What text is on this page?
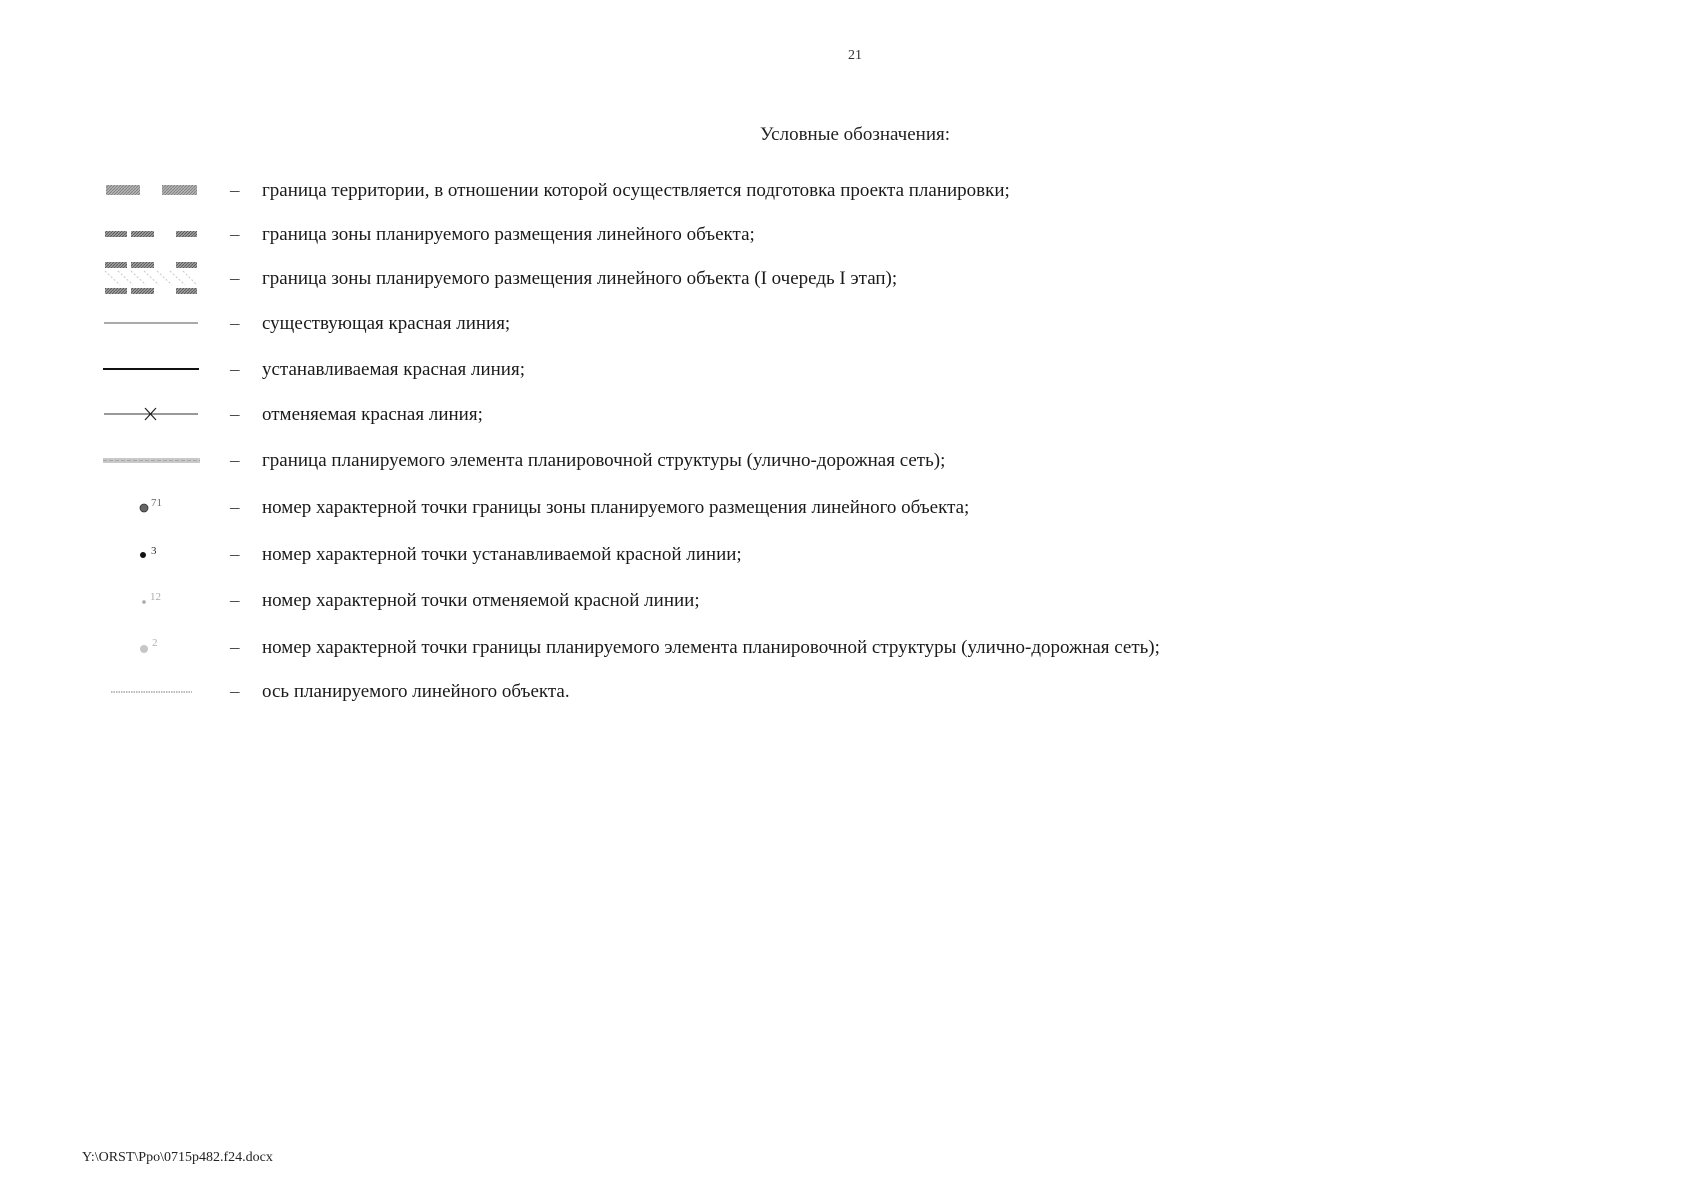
21
Условные обозначения:
– граница территории, в отношении которой осуществляется подготовка проекта планировки;
– граница зоны планируемого размещения линейного объекта;
– граница зоны планируемого размещения линейного объекта (I очередь I этап);
– существующая красная линия;
– устанавливаемая красная линия;
– отменяемая красная линия;
– граница планируемого элемента планировочной структуры (улично-дорожная сеть);
71	– номер характерной точки границы зоны планируемого размещения линейного объекта;
3	– номер характерной точки устанавливаемой красной линии;
12	– номер характерной точки отменяемой красной линии;
2	– номер характерной точки границы планируемого элемента планировочной структуры (улично-дорожная сеть);
– ось планируемого линейного объекта.
Y:\ORST\Ppo\0715p482.f24.docx
